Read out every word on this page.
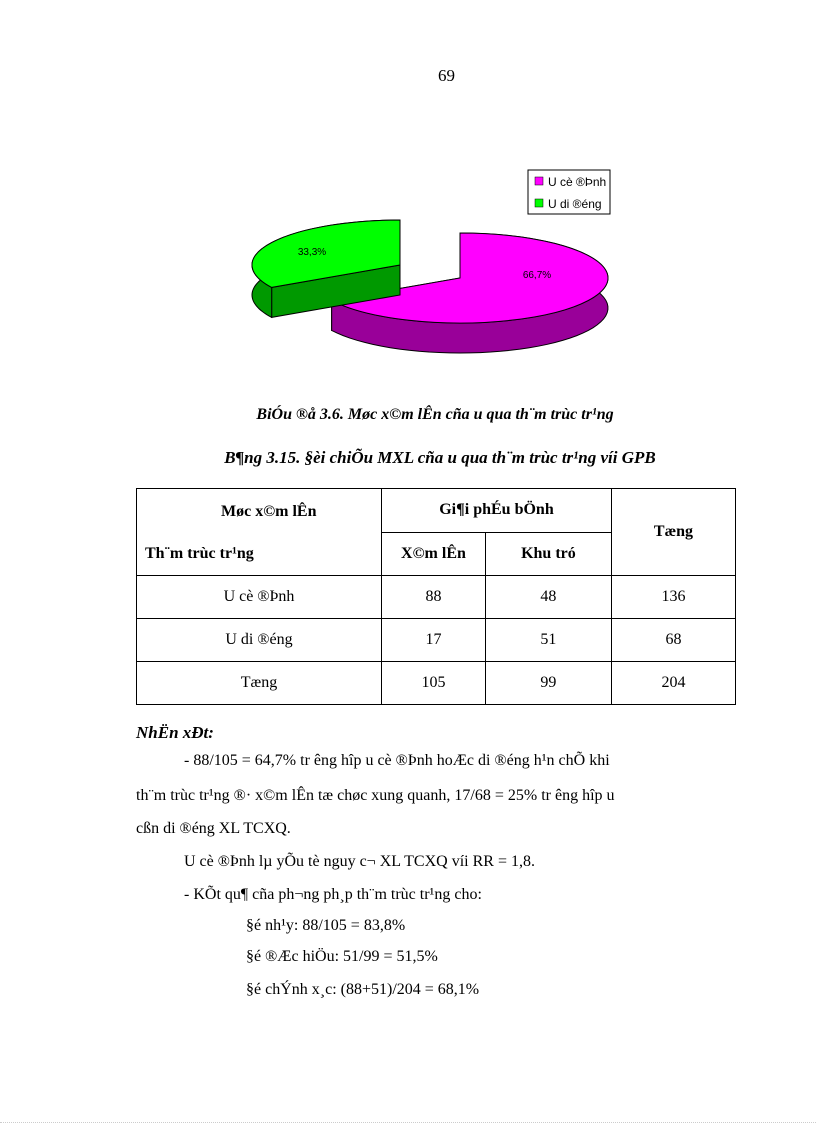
69
U cè ®Þnh
U di ®éng
66,7%
33,3%
BiÓu ®å 3.6. Møc x©m lÊn cña u qua th¨m trùc tr¹ng
B¶ng 3.15. §èi chiÕu MXL cña u qua th¨m trùc tr¹ng víi GPB
Møc x©m lÊn
Th¨m trùc tr¹ng	Gi¶i phÉu bÖnh		Tæng
	X©m lÊn	Khu tró	
U cè ®Þnh	88	48	136
U di ®éng	17	51	68
Tæng	105	99	204
NhËn xÐt:
- 88/105 = 64,7% tr êng hîp u cè ®Þnh hoÆc di ®éng h¹n chÕ khi
th¨m trùc tr¹ng ®· x©m lÊn tæ chøc xung quanh, 17/68 = 25% tr êng hîp u
cßn di ®éng XL TCXQ.
U cè ®Þnh lµ yÕu tè nguy c¬ XL TCXQ víi RR = 1,8.
- KÕt qu¶ cña ph¬ng ph¸p th¨m trùc tr¹ng cho:
§é nh¹y: 88/105 = 83,8%
§é ®Æc hiÖu: 51/99 = 51,5%
§é chÝnh x¸c: (88+51)/204 = 68,1%
